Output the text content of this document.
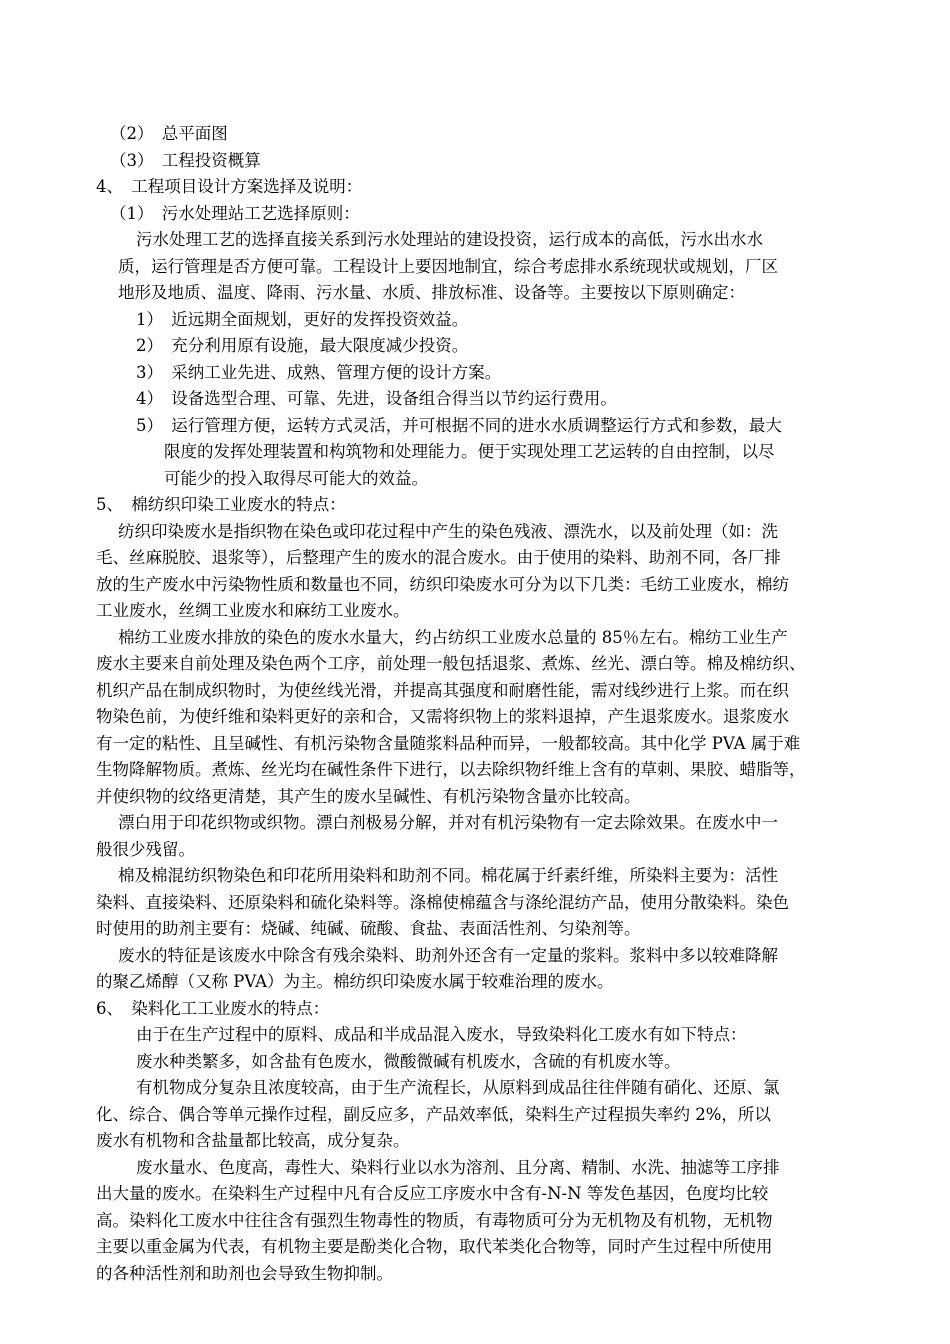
（2）　总平面图
（3）　工程投资概算
4、　工程项目设计方案选择及说明：
（1）　污水处理站工艺选择原则：
污水处理工艺的选择直接关系到污水处理站的建设投资，运行成本的高低，污水出水水
质，运行管理是否方便可靠。工程设计上要因地制宜，综合考虑排水系统现状或规划，厂区
地形及地质、温度、降雨、污水量、水质、排放标准、设备等。主要按以下原则确定：
1）　近远期全面规划，更好的发挥投资效益。
2）　充分利用原有设施，最大限度减少投资。
3）　采纳工业先进、成熟、管理方便的设计方案。
4）　设备选型合理、可靠、先进，设备组合得当以节约运行费用。
5）　运行管理方便，运转方式灵活，并可根据不同的进水水质调整运行方式和参数，最大
限度的发挥处理装置和构筑物和处理能力。便于实现处理工艺运转的自由控制，以尽
可能少的投入取得尽可能大的效益。
5、　棉纺织印染工业废水的特点：
纺织印染废水是指织物在染色或印花过程中产生的染色残液、漂洗水，以及前处理（如：洗
毛、丝麻脱胶、退浆等），后整理产生的废水的混合废水。由于使用的染料、助剂不同，各厂排
放的生产废水中污染物性质和数量也不同，纺织印染废水可分为以下几类：毛纺工业废水，棉纺
工业废水，丝绸工业废水和麻纺工业废水。
棉纺工业废水排放的染色的废水水量大，约占纺织工业废水总量的 85％左右。棉纺工业生产
废水主要来自前处理及染色两个工序，前处理一般包括退浆、煮炼、丝光、漂白等。棉及棉纺织、
机织产品在制成织物时，为使丝线光滑，并提高其强度和耐磨性能，需对线纱进行上浆。而在织
物染色前，为使纤维和染料更好的亲和合，又需将织物上的浆料退掉，产生退浆废水。退浆废水
有一定的粘性、且呈碱性、有机污染物含量随浆料品种而异，一般都较高。其中化学 PVA 属于难
生物降解物质。煮炼、丝光均在碱性条件下进行，以去除织物纤维上含有的草刺、果胶、蜡脂等，
并使织物的纹络更清楚，其产生的废水呈碱性、有机污染物含量亦比较高。
漂白用于印花织物或织物。漂白剂极易分解，并对有机污染物有一定去除效果。在废水中一
般很少残留。
棉及棉混纺织物染色和印花所用染料和助剂不同。棉花属于纤素纤维，所染料主要为：活性
染料、直接染料、还原染料和硫化染料等。涤棉使棉蕴含与涤纶混纺产品，使用分散染料。染色
时使用的助剂主要有：烧碱、纯碱、硫酸、食盐、表面活性剂、匀染剂等。
废水的特征是该废水中除含有残余染料、助剂外还含有一定量的浆料。浆料中多以较难降解
的聚乙烯醇（又称 PVA）为主。棉纺织印染废水属于较难治理的废水。
6、　染料化工工业废水的特点：
由于在生产过程中的原料、成品和半成品混入废水，导致染料化工废水有如下特点：
废水种类繁多，如含盐有色废水，微酸微碱有机废水，含硫的有机废水等。
有机物成分复杂且浓度较高，由于生产流程长，从原料到成品往往伴随有硝化、还原、氯
化、综合、偶合等单元操作过程，副反应多，产品效率低，染料生产过程损失率约 2%，所以
废水有机物和含盐量都比较高，成分复杂。
废水量水、色度高，毒性大、染料行业以水为溶剂、且分离、精制、水洗、抽滤等工序排
出大量的废水。在染料生产过程中凡有合反应工序废水中含有-N-N 等发色基因，色度均比较
高。染料化工废水中往往含有强烈生物毒性的物质，有毒物质可分为无机物及有机物，无机物
主要以重金属为代表，有机物主要是酚类化合物，取代苯类化合物等，同时产生过程中所使用
的各种活性剂和助剂也会导致生物抑制。
